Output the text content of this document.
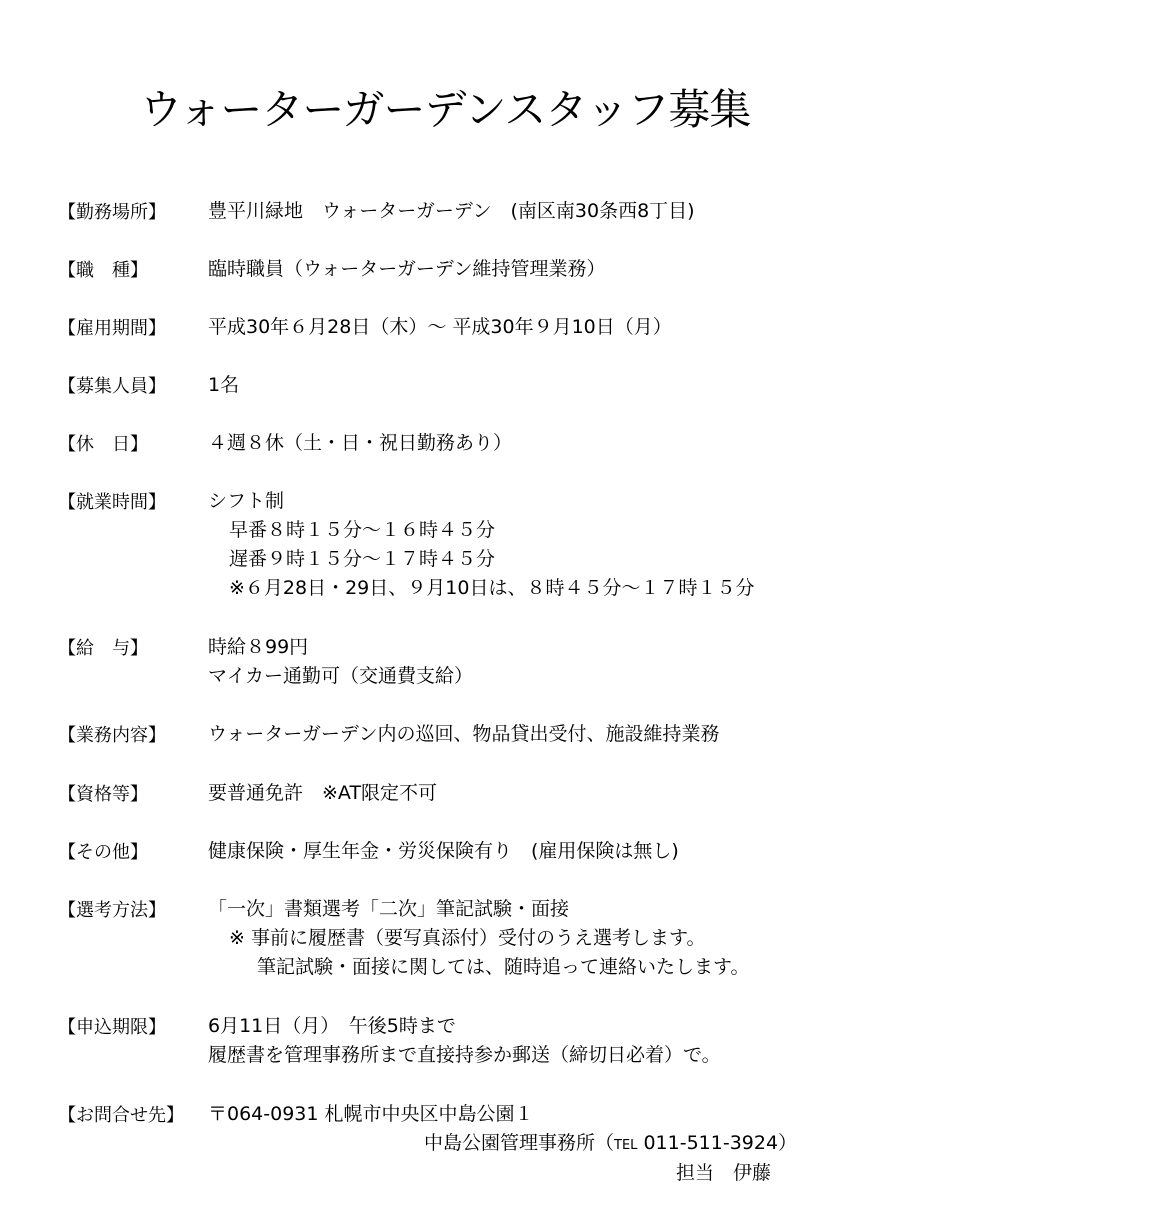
ウォーターガーデンスタッフ募集
【勤務場所】 豊平川緑地　ウォーターガーデン　(南区南30条西8丁目)
【職　種】	臨時職員（ウォーターガーデン維持管理業務）
【雇用期間】 平成30年６月28日（木）～ 平成30年９月10日（月）
【募集人員】 1名
【休　日】	４週８休（土・日・祝日勤務あり）
【就業時間】 シフト制
早番８時１５分～１６時４５分
遅番９時１５分～１７時４５分
※６月28日・29日、９月10日は、８時４５分～１７時１５分
【給　与】	時給８99円
マイカー通勤可（交通費支給）
【業務内容】 ウォーターガーデン内の巡回、物品貸出受付、施設維持業務
【資格等】	要普通免許　※AT限定不可
【その他】	健康保険・厚生年金・労災保険有り　(雇用保険は無し)
【選考方法】 「一次」書類選考「二次」筆記試験・面接
※ 事前に履歴書（要写真添付）受付のうえ選考します。
筆記試験・面接に関しては、随時追って連絡いたします。
【申込期限】 6月11日（月）　午後5時まで
履歴書を管理事務所まで直接持参か郵送（締切日必着）で。
【お問合せ先】 〒064-0931 札幌市中央区中島公園１
中島公園管理事務所（TEL 011-511-3924）
担当　伊藤
